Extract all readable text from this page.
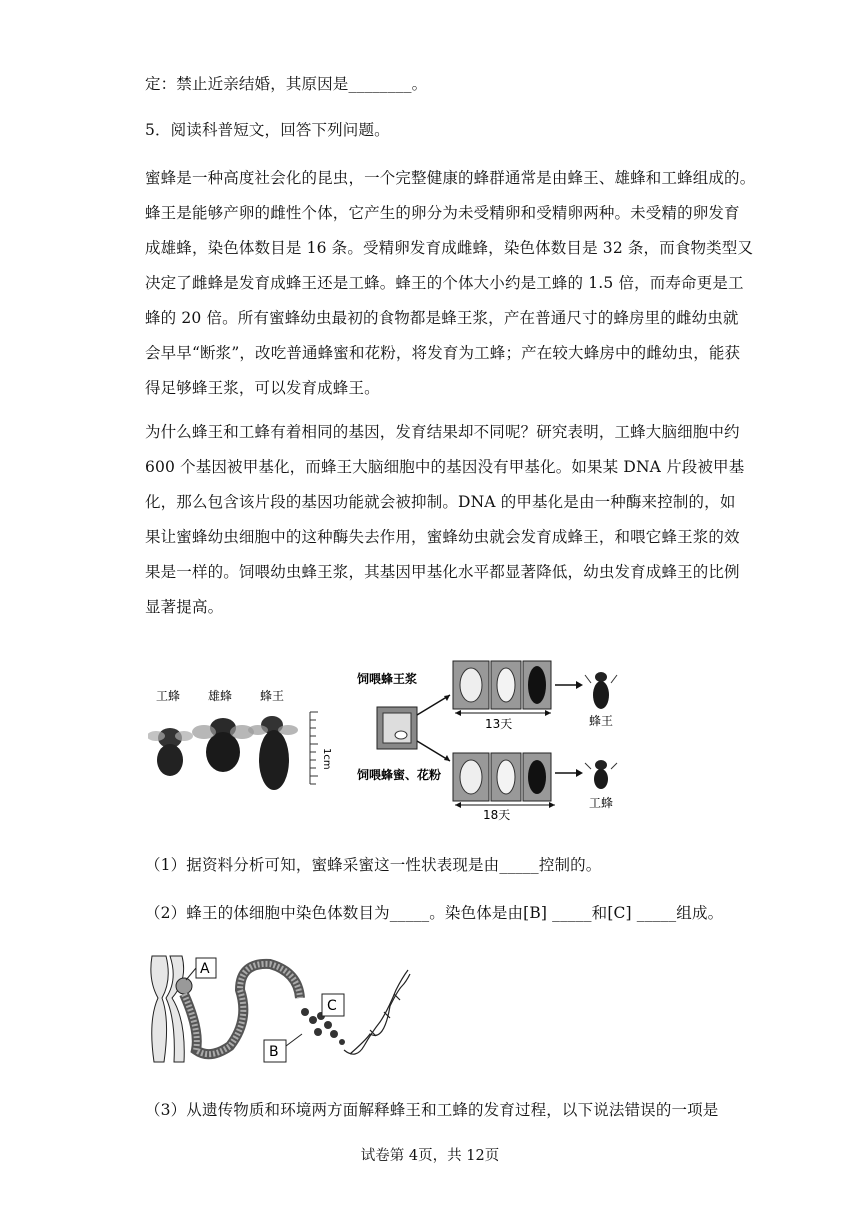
定：禁止近亲结婚，其原因是________。
5．阅读科普短文，回答下列问题。
蜜蜂是一种高度社会化的昆虫，一个完整健康的蜂群通常是由蜂王、雄蜂和工蜂组成的。
蜂王是能够产卵的雌性个体，它产生的卵分为未受精卵和受精卵两种。未受精的卵发育
成雄蜂，染色体数目是 16 条。受精卵发育成雌蜂，染色体数目是 32 条，而食物类型又
决定了雌蜂是发育成蜂王还是工蜂。蜂王的个体大小约是工蜂的 1.5 倍，而寿命更是工
蜂的 20 倍。所有蜜蜂幼虫最初的食物都是蜂王浆，产在普通尺寸的蜂房里的雌幼虫就
会早早“断浆”，改吃普通蜂蜜和花粉，将发育为工蜂；产在较大蜂房中的雌幼虫，能获
得足够蜂王浆，可以发育成蜂王。
为什么蜂王和工蜂有着相同的基因，发育结果却不同呢？研究表明，工蜂大脑细胞中约
600 个基因被甲基化，而蜂王大脑细胞中的基因没有甲基化。如果某 DNA 片段被甲基
化，那么包含该片段的基因功能就会被抑制。DNA 的甲基化是由一种酶来控制的，如
果让蜜蜂幼虫细胞中的这种酶失去作用，蜜蜂幼虫就会发育成蜂王，和喂它蜂王浆的效
果是一样的。饲喂幼虫蜂王浆，其基因甲基化水平都显著降低，幼虫发育成蜂王的比例
显著提高。
工蜂 雄蜂 蜂王
1cm
饲喂蜂王浆
饲喂蜂蜜、花粉
13天	蜂王
18天
工蜂
（1）据资料分析可知，蜜蜂采蜜这一性状表现是由_____控制的。
（2）蜂王的体细胞中染色体数目为_____。染色体是由[B] _____和[C] _____组成。
A
C
B
（3）从遗传物质和环境两方面解释蜂王和工蜂的发育过程，以下说法错误的一项是
试卷第 4页，共 12页
